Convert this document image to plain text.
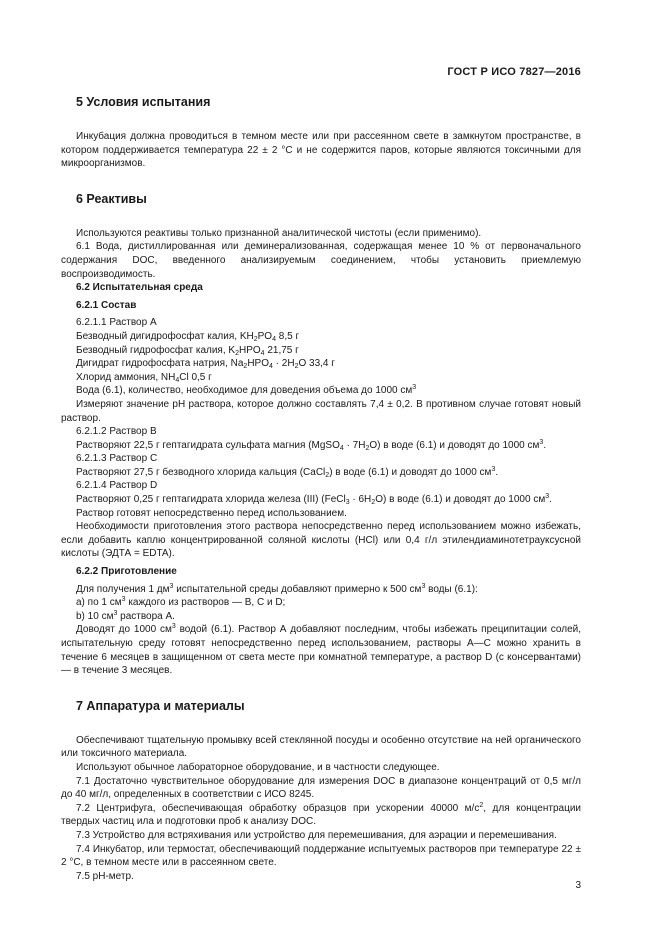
ГОСТ Р ИСО 7827—2016
5 Условия испытания

Инкубация должна проводиться в темном месте или при рассеянном свете в замкнутом пространстве, в котором поддерживается температура 22 ± 2 °С и не содержится паров, которые являются токсичными для микроорганизмов.

6 Реактивы

Используются реактивы только признанной аналитической чистоты (если применимо).

6.1 Вода, дистиллированная или деминерализованная, содержащая менее 10 % от первоначального содержания DOC, введенного анализируемым соединением, чтобы установить приемлемую воспроизводимость.

6.2 Испытательная среда

6.2.1 Состав

6.2.1.1 Раствор А

Безводный дигидрофосфат калия, $KH_2PO_4$ 8,5 г

Безводный гидрофосфат калия, $K_2HPO_4$ 21,75 г

Дигидрат гидрофосфата натрия, $Na_2HPO_4 \cdot 2H_2O$ 33,4 г

Хлорид аммония, $NH_4Cl$ 0,5 г

Вода (6.1), количество, необходимое для доведения объема до 1000 $см^3$

Измеряют значение pH раствора, которое должно составлять 7,4 ± 0,2. В противном случае готовят новый раствор.

6.2.1.2 Раствор В

Растворяют 22,5 г гептагидрата сульфата магния (MgSO$_4$ · $7H_2O$) в воде (6.1) и доводят до 1000 $см^3$.

6.2.1.3 Раствор С

Растворяют 27,5 г безводного хлорида кальция (CaCl$_2$) в воде (6.1) и доводят до 1000 $см^3$.

6.2.1.4 Раствор D

Растворяют 0,25 г гептагидрата хлорида железа (III) (FeCl$_3$ · $6H_2O$) в воде (6.1) и доводят до 1000 $см^3$.

Раствор готовят непосредственно перед использованием.

Необходимости приготовления этого раствора непосредственно перед использованием можно избежать, если добавить каплю концентрированной соляной кислоты (HCl) или 0,4 г/л этилендиаминотетрауксусной кислоты (ЭДТА = EDTA).

6.2.2 Приготовление

Для получения 1 $дм^3$ испытательной среды добавляют примерно к 500 $см^3$ воды (6.1):

a) по 1 $см^3$ каждого из растворов — В, С и D;

b) 10 $см^3$ раствора А.

Доводят до 1000 $см^3$ водой (6.1). Раствор А добавляют последним, чтобы избежать преципитации солей, испытательную среду готовят непосредственно перед использованием, растворы А—С можно хранить в течение 6 месяцев в защищенном от света месте при комнатной температуре, а раствор D (с консервантами) — в течение 3 месяцев.

7 Аппаратура и материалы

Обеспечивают тщательную промывку всей стеклянной посуды и особенно отсутствие на ней органического или токсичного материала.

Используют обычное лабораторное оборудование, и в частности следующее.

7.1 Достаточно чувствительное оборудование для измерения DOC в диапазоне концентраций от 0,5 мг/л до 40 мг/л, определенных в соответствии с ИСО 8245.

7.2 Центрифуга, обеспечивающая обработку образцов при ускорении 40000 $м/с^2$, для концентрации твердых частиц ила и подготовки проб к анализу DOC.

7.3 Устройство для встряхивания или устройство для перемешивания, для аэрации и перемешивания.

7.4 Инкубатор, или термостат, обеспечивающий поддержание испытуемых растворов при температуре 22 ± 2 °С, в темном месте или в рассеянном свете.

7.5 pH-метр.

3
